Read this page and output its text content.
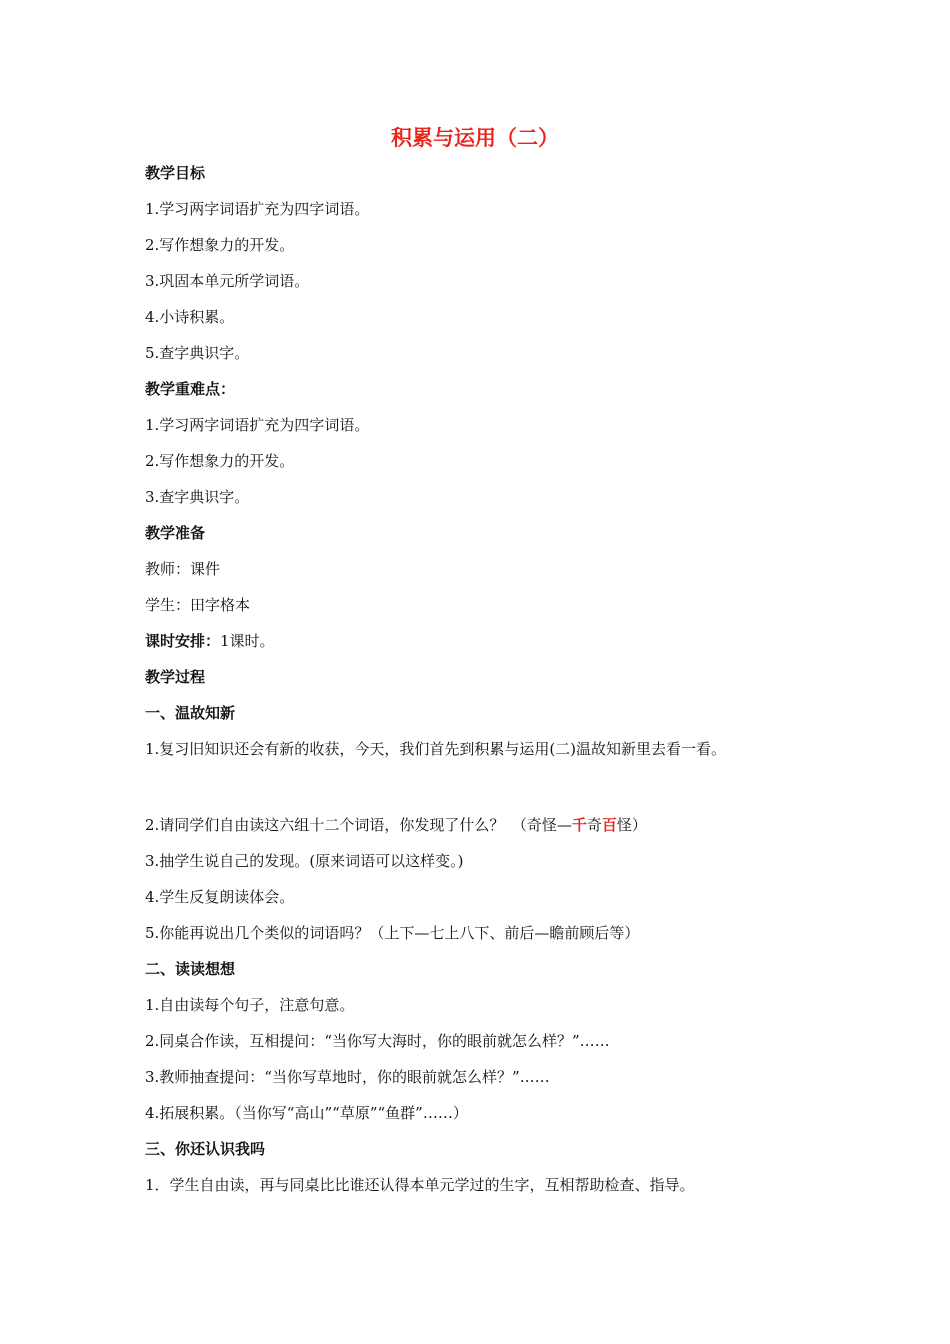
积累与运用（二）
教学目标
1.学习两字词语扩充为四字词语。
2.写作想象力的开发。
3.巩固本单元所学词语。
4.小诗积累。
5.查字典识字。
教学重难点：
1.学习两字词语扩充为四字词语。
2.写作想象力的开发。
3.查字典识字。
教学准备
教师：课件
学生：田字格本
课时安排：1课时。
教学过程
一、温故知新
1.复习旧知识还会有新的收获，今天，我们首先到积累与运用(二)温故知新里去看一看。
2.请同学们自由读这六组十二个词语，你发现了什么？　（奇怪—千奇百怪）
3.抽学生说自己的发现。(原来词语可以这样变。)
4.学生反复朗读体会。
5.你能再说出几个类似的词语吗？（上下—七上八下、前后—瞻前顾后等）
二、读读想想
1.自由读每个句子，注意句意。
2.同桌合作读，互相提问：“当你写大海时，你的眼前就怎么样？”……
3.教师抽查提问：“当你写草地时，你的眼前就怎么样？”……
4.拓展积累。（当你写“高山”“草原”“鱼群”……）
三、你还认识我吗
1．学生自由读，再与同桌比比谁还认得本单元学过的生字，互相帮助检查、指导。
